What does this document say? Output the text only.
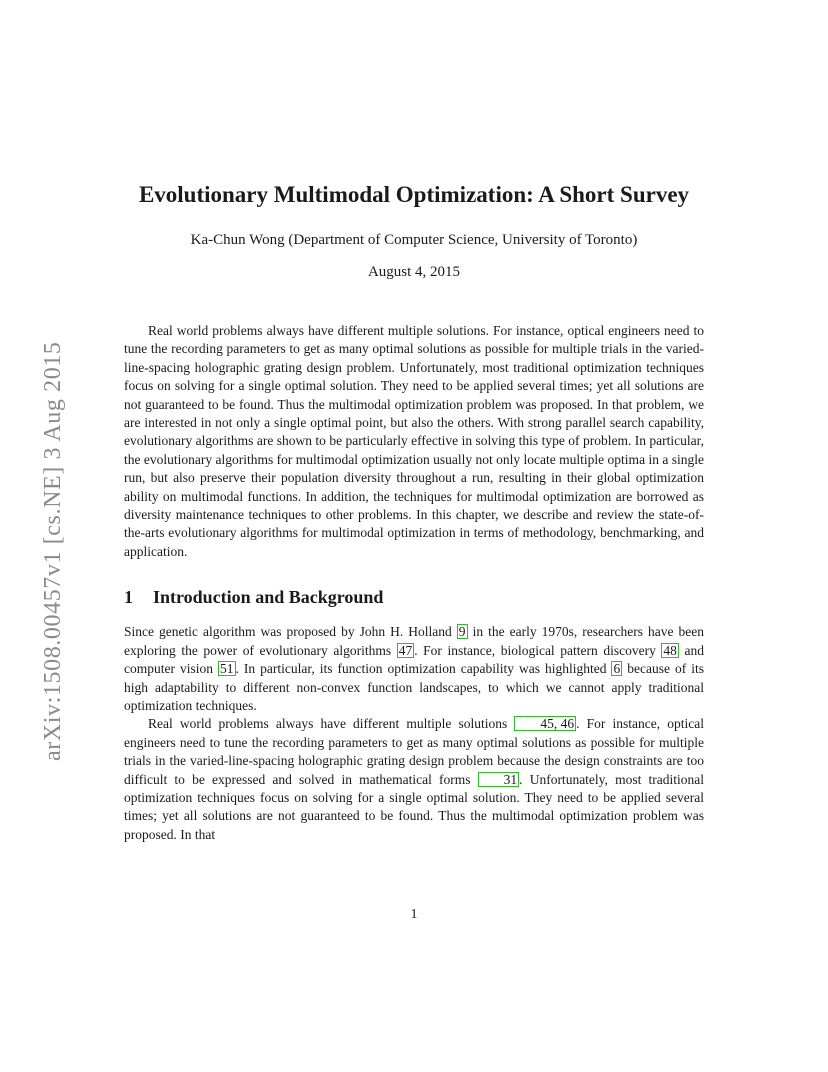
arXiv:1508.00457v1 [cs.NE] 3 Aug 2015
Evolutionary Multimodal Optimization: A Short Survey
Ka-Chun Wong (Department of Computer Science, University of Toronto)
August 4, 2015
Real world problems always have different multiple solutions. For instance, optical engineers need to tune the recording parameters to get as many optimal solutions as possible for multiple trials in the varied-line-spacing holographic grating design problem. Unfortunately, most traditional optimization techniques focus on solving for a single optimal solution. They need to be applied several times; yet all solutions are not guaranteed to be found. Thus the multimodal optimization problem was proposed. In that problem, we are interested in not only a single optimal point, but also the others. With strong parallel search capability, evolutionary algorithms are shown to be particularly effective in solving this type of problem. In particular, the evolutionary algorithms for multimodal optimization usually not only locate multiple optima in a single run, but also preserve their population diversity throughout a run, resulting in their global optimization ability on multimodal functions. In addition, the techniques for multimodal optimization are borrowed as diversity maintenance techniques to other problems. In this chapter, we describe and review the state-of-the-arts evolutionary algorithms for multimodal optimization in terms of methodology, benchmarking, and application.
1 Introduction and Background

Since genetic algorithm was proposed by John H. Holland 9 in the early 1970s, researchers have been exploring the power of evolutionary algorithms 47 . For instance, biological pattern discovery 48 and computer vision 51 . In particular, its function optimization capability was highlighted 6 because of its high adaptability to different non-convex function landscapes, to which we cannot apply traditional optimization techniques.

Real world problems always have different multiple solutions 45, 46 . For instance, optical engineers need to tune the recording parameters to get as many optimal solutions as possible for multiple trials in the varied-line-spacing holographic grating design problem because the design constraints are too difficult to be expressed and solved in mathematical forms 31 . Unfortunately, most traditional optimization techniques focus on solving for a single optimal solution. They need to be applied several times; yet all solutions are not guaranteed to be found. Thus the multimodal optimization problem was proposed. In that

1
